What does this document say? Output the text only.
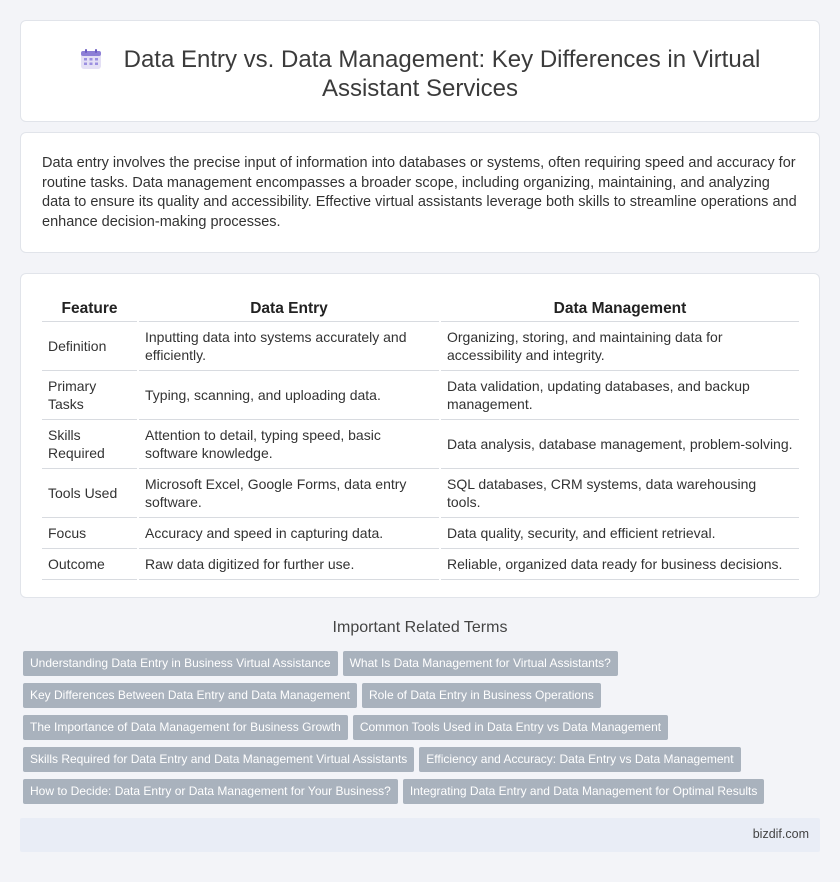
Data Entry vs. Data Management: Key Differences in Virtual
Assistant Services

Data entry involves the precise input of information into databases or systems, often requiring speed and accuracy for routine tasks. Data management encompasses a broader scope, including organizing, maintaining, and analyzing data to ensure its quality and accessibility. Effective virtual assistants leverage both skills to streamline operations and enhance decision-making processes.

Feature	Data Entry	Data Management
Definition	Inputting data into systems accurately and efficiently.	Organizing, storing, and maintaining data for accessibility and integrity.
Primary Tasks	Typing, scanning, and uploading data.	Data validation, updating databases, and backup management.
Skills Required	Attention to detail, typing speed, basic software knowledge.	Data analysis, database management, problem-solving.
Tools Used	Microsoft Excel, Google Forms, data entry software.	SQL databases, CRM systems, data warehousing tools.
Focus	Accuracy and speed in capturing data.	Data quality, security, and efficient retrieval.
Outcome	Raw data digitized for further use.	Reliable, organized data ready for business decisions.
Important Related Terms
Understanding Data Entry in Business Virtual Assistance What Is Data Management for Virtual Assistants?
Key Differences Between Data Entry and Data Management Role of Data Entry in Business Operations
The Importance of Data Management for Business Growth Common Tools Used in Data Entry vs Data Management
Skills Required for Data Entry and Data Management Virtual Assistants Efficiency and Accuracy: Data Entry vs Data Management
How to Decide: Data Entry or Data Management for Your Business? Integrating Data Entry and Data Management for Optimal Results
bizdif.com
